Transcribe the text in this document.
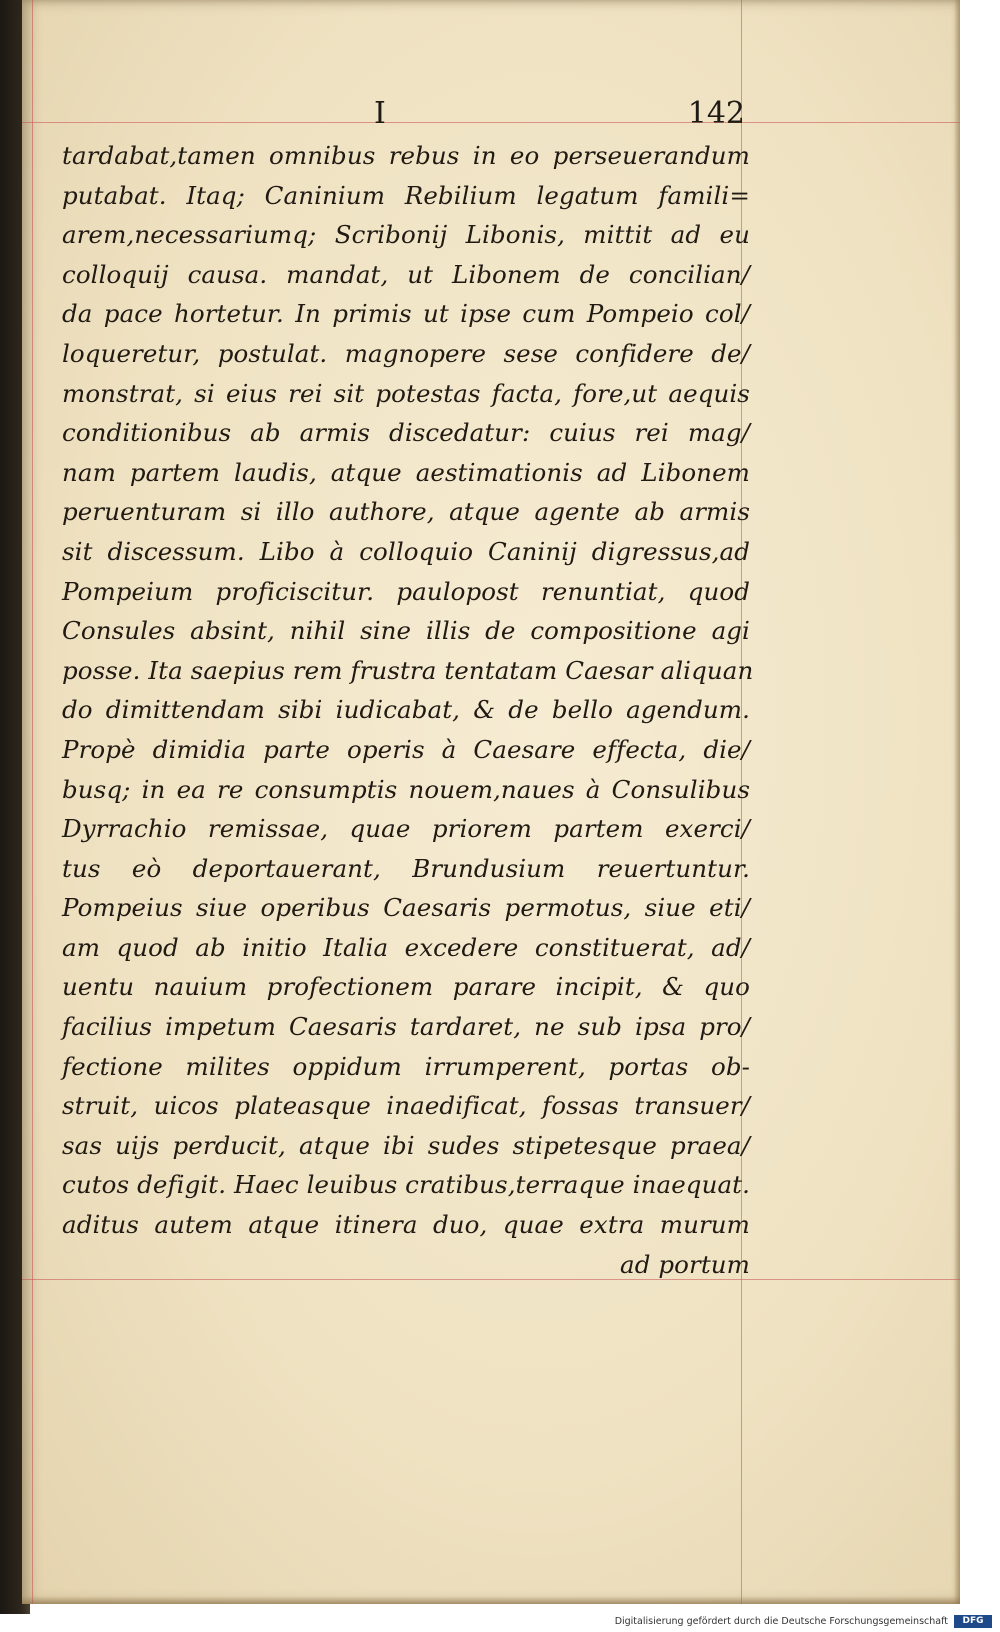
I	142
tardabat,tamen omnibus rebus in eo perseuerandum
putabat. Itaq; Caninium Rebilium legatum famili=
arem,necessariumq; Scribonij Libonis, mittit ad eu
colloquij causa. mandat, ut Libonem de concilian/
da pace hortetur. In primis ut ipse cum Pompeio col/
loqueretur, postulat. magnopere sese confidere de/
monstrat, si eius rei sit potestas facta, fore,ut aequis
conditionibus ab armis discedatur: cuius rei mag/
nam partem laudis, atque aestimationis ad Libonem
peruenturam si illo authore, atque agente ab armis
sit discessum. Libo à colloquio Caninij digressus,ad
Pompeium proficiscitur. paulopost renuntiat, quod
Consules absint, nihil sine illis de compositione agi
posse. Ita saepius rem frustra tentatam Caesar aliquan
do dimittendam sibi iudicabat, & de bello agendum.
Propè dimidia parte operis à Caesare effecta, die/
busq; in ea re consumptis nouem,naues à Consulibus
Dyrrachio remissae, quae priorem partem exerci/
tus eò deportauerant, Brundusium reuertuntur.
Pompeius siue operibus Caesaris permotus, siue eti/
am quod ab initio Italia excedere constituerat, ad/
uentu nauium profectionem parare incipit, & quo
facilius impetum Caesaris tardaret, ne sub ipsa pro/
fectione milites oppidum irrumperent, portas ob-
struit, uicos plateasque inaedificat, fossas transuer/
sas uijs perducit, atque ibi sudes stipetesque praea/
cutos defigit. Haec leuibus cratibus,terraque inaequat.
aditus autem atque itinera duo, quae extra murum
ad portum
Digitalisierung gefördert durch die Deutsche Forschungsgemeinschaft	DFG
